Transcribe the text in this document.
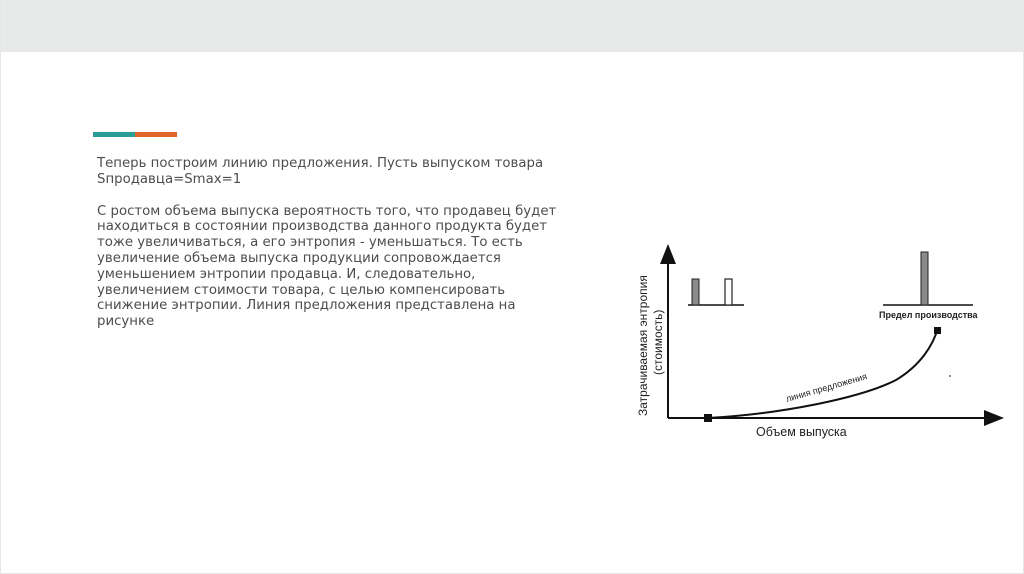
Теперь построим линию предложения. Пусть выпуском товара

Sпродавца=Smax=1

С ростом объема выпуска вероятность того, что продавец будет

находиться в состоянии производства данного продукта будет

тоже увеличиваться, а его энтропия - уменьшаться. То есть

увеличение объема выпуска продукции сопровождается

уменьшением энтропии продавца. И, следовательно,

увеличением стоимости товара, с целью компенсировать

снижение энтропии. Линия предложения представлена на

рисунке	Предел производства
линия предложения
Объем выпуска
Затрачиваемая энтропия (стоимость)
